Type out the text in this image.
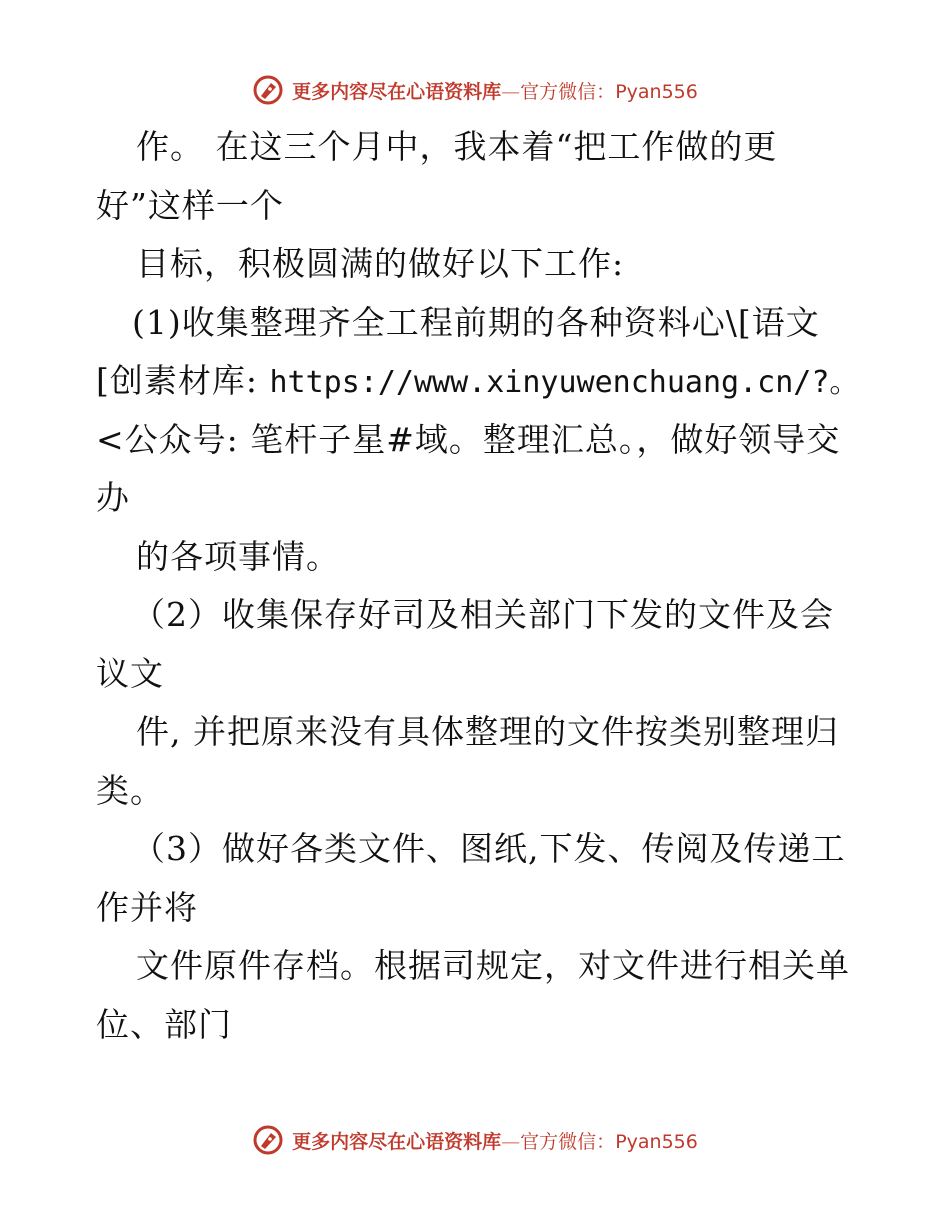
更多内容尽在心语资料库—官方微信：Pyan556
作。 在这三个月中，我本着“把工作做的更
好”这样一个
目标，积极圆满的做好以下工作:
(1)收集整理齐全工程前期的各种资料心\[语文
[创素材库: https://www.xinyuwenchuang.cn/?。
<公众号: 笔杆子星#域。整理汇总。，做好领导交
办
的各项事情。
（2）收集保存好司及相关部门下发的文件及会
议文
件, 并把原来没有具体整理的文件按类别整理归
类。
（3）做好各类文件、图纸,下发、传阅及传递工
作并将
文件原件存档。根据司规定，对文件进行相关单
位、部门
更多内容尽在心语资料库—官方微信：Pyan556
